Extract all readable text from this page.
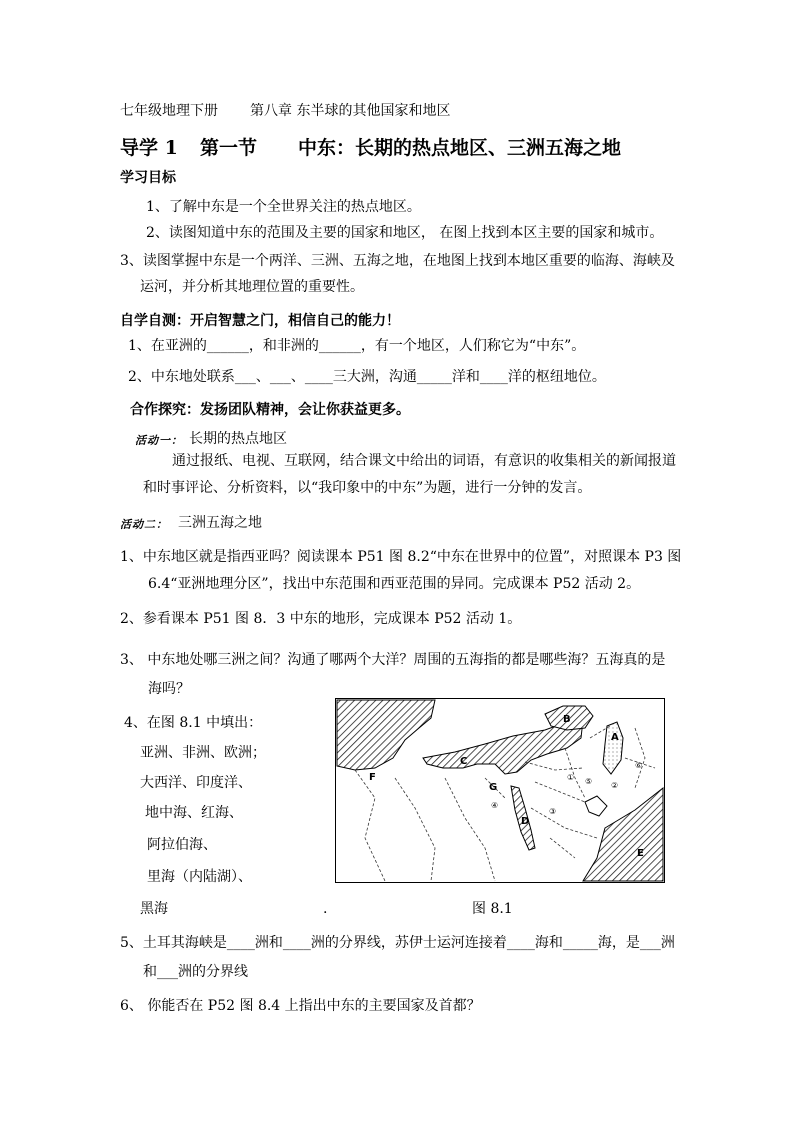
七年级地理下册 第八章 东半球的其他国家和地区
导学 1 第一节 中东：长期的热点地区、三洲五海之地
学习目标
1、了解中东是一个全世界关注的热点地区。
2、读图知道中东的范围及主要的国家和地区， 在图上找到本区主要的国家和城市。
3、读图掌握中东是一个两洋、三洲、五海之地，在地图上找到本地区重要的临海、海峡及
运河，并分析其地理位置的重要性。
自学自测：开启智慧之门，相信自己的能力！
1、在亚洲的______，和非洲的______，有一个地区，人们称它为“中东”。
2、中东地处联系___、___、____三大洲，沟通_____洋和____洋的枢纽地位。
合作探究：发扬团队精神，会让你获益更多。
活动一： 长期的热点地区
通过报纸、电视、互联网，结合课文中给出的词语，有意识的收集相关的新闻报道
和时事评论、分析资料，以“我印象中的中东”为题，进行一分钟的发言。
活动二： 三洲五海之地
1、中东地区就是指西亚吗？阅读课本 P51 图 8.2“中东在世界中的位置”，对照课本 P3 图
6.4“亚洲地理分区”，找出中东范围和西亚范围的异同。完成课本 P52 活动 2。
2、参看课本 P51 图 8．3 中东的地形，完成课本 P52 活动 1。
3、 中东地处哪三洲之间？沟通了哪两个大洋？周围的五海指的都是哪些海？五海真的是
海吗？
4、在图 8.1 中填出：
亚洲、非洲、欧洲；
大西洋、印度洋、
地中海、红海、
阿拉伯海、
里海（内陆湖）、
黑海	.	图 8.1
5、土耳其海峡是____洲和____洲的分界线，苏伊士运河连接着____海和_____海，是___洲
和___洲的分界线
6、 你能否在 P52 图 8.4 上指出中东的主要国家及首都？
A
B
C
D
E
F
G
①
②
③
④
⑤
⑥
